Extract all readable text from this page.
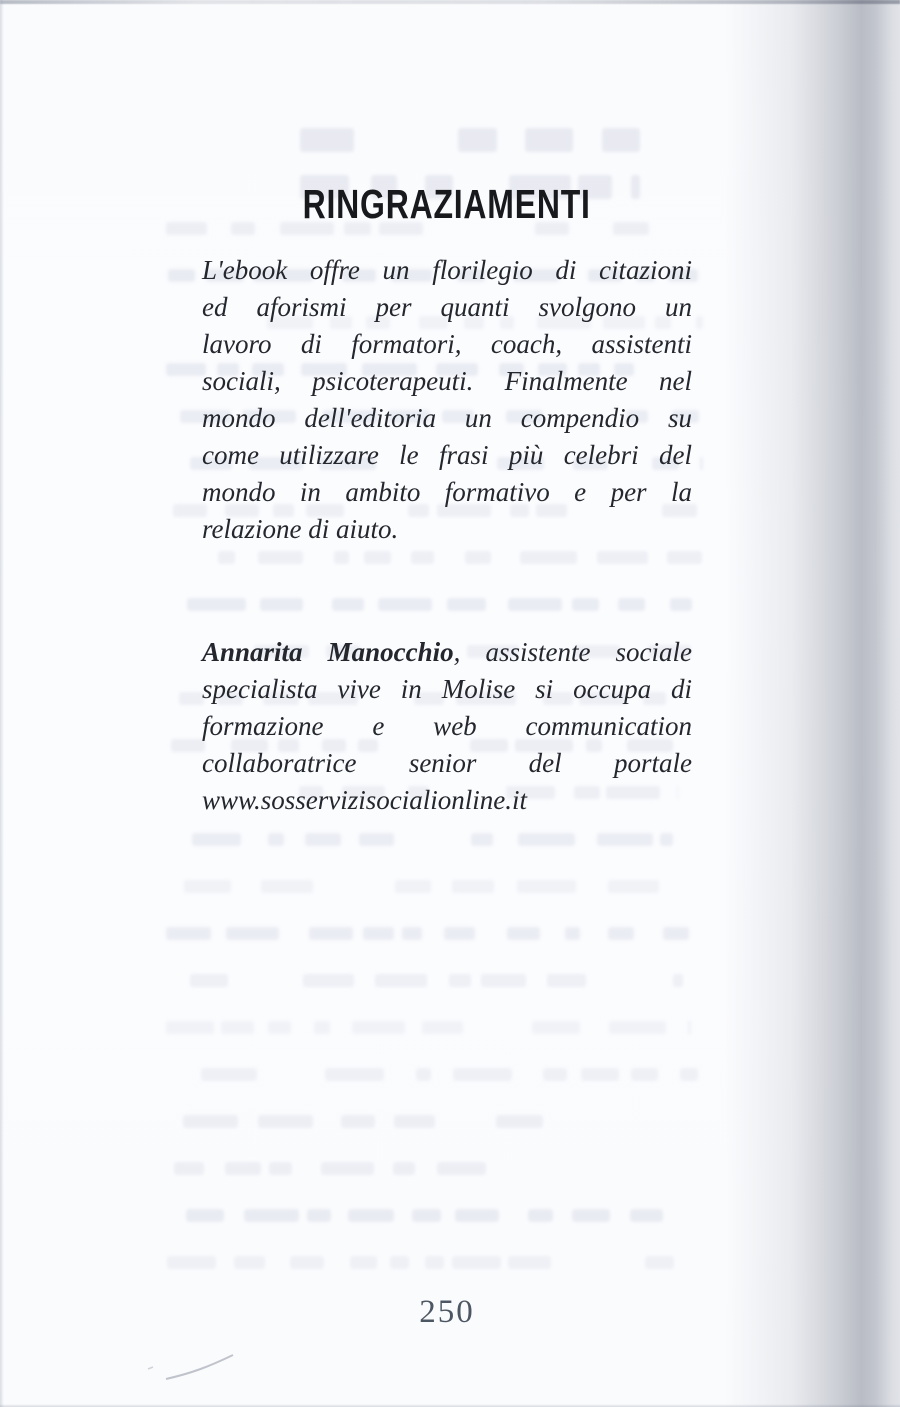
RINGRAZIAMENTI
L'ebook offre un florilegio di citazioni
ed aforismi per quanti svolgono un
lavoro di formatori, coach, assistenti
sociali, psicoterapeuti. Finalmente nel
mondo dell'editoria un compendio su
come utilizzare le frasi più celebri del
mondo in ambito formativo e per la
relazione di aiuto.
Annarita Manocchio, assistente sociale
specialista vive in Molise si occupa di
formazione e web communication
collaboratrice senior del portale
www.sosservizisocialionline.it
250
